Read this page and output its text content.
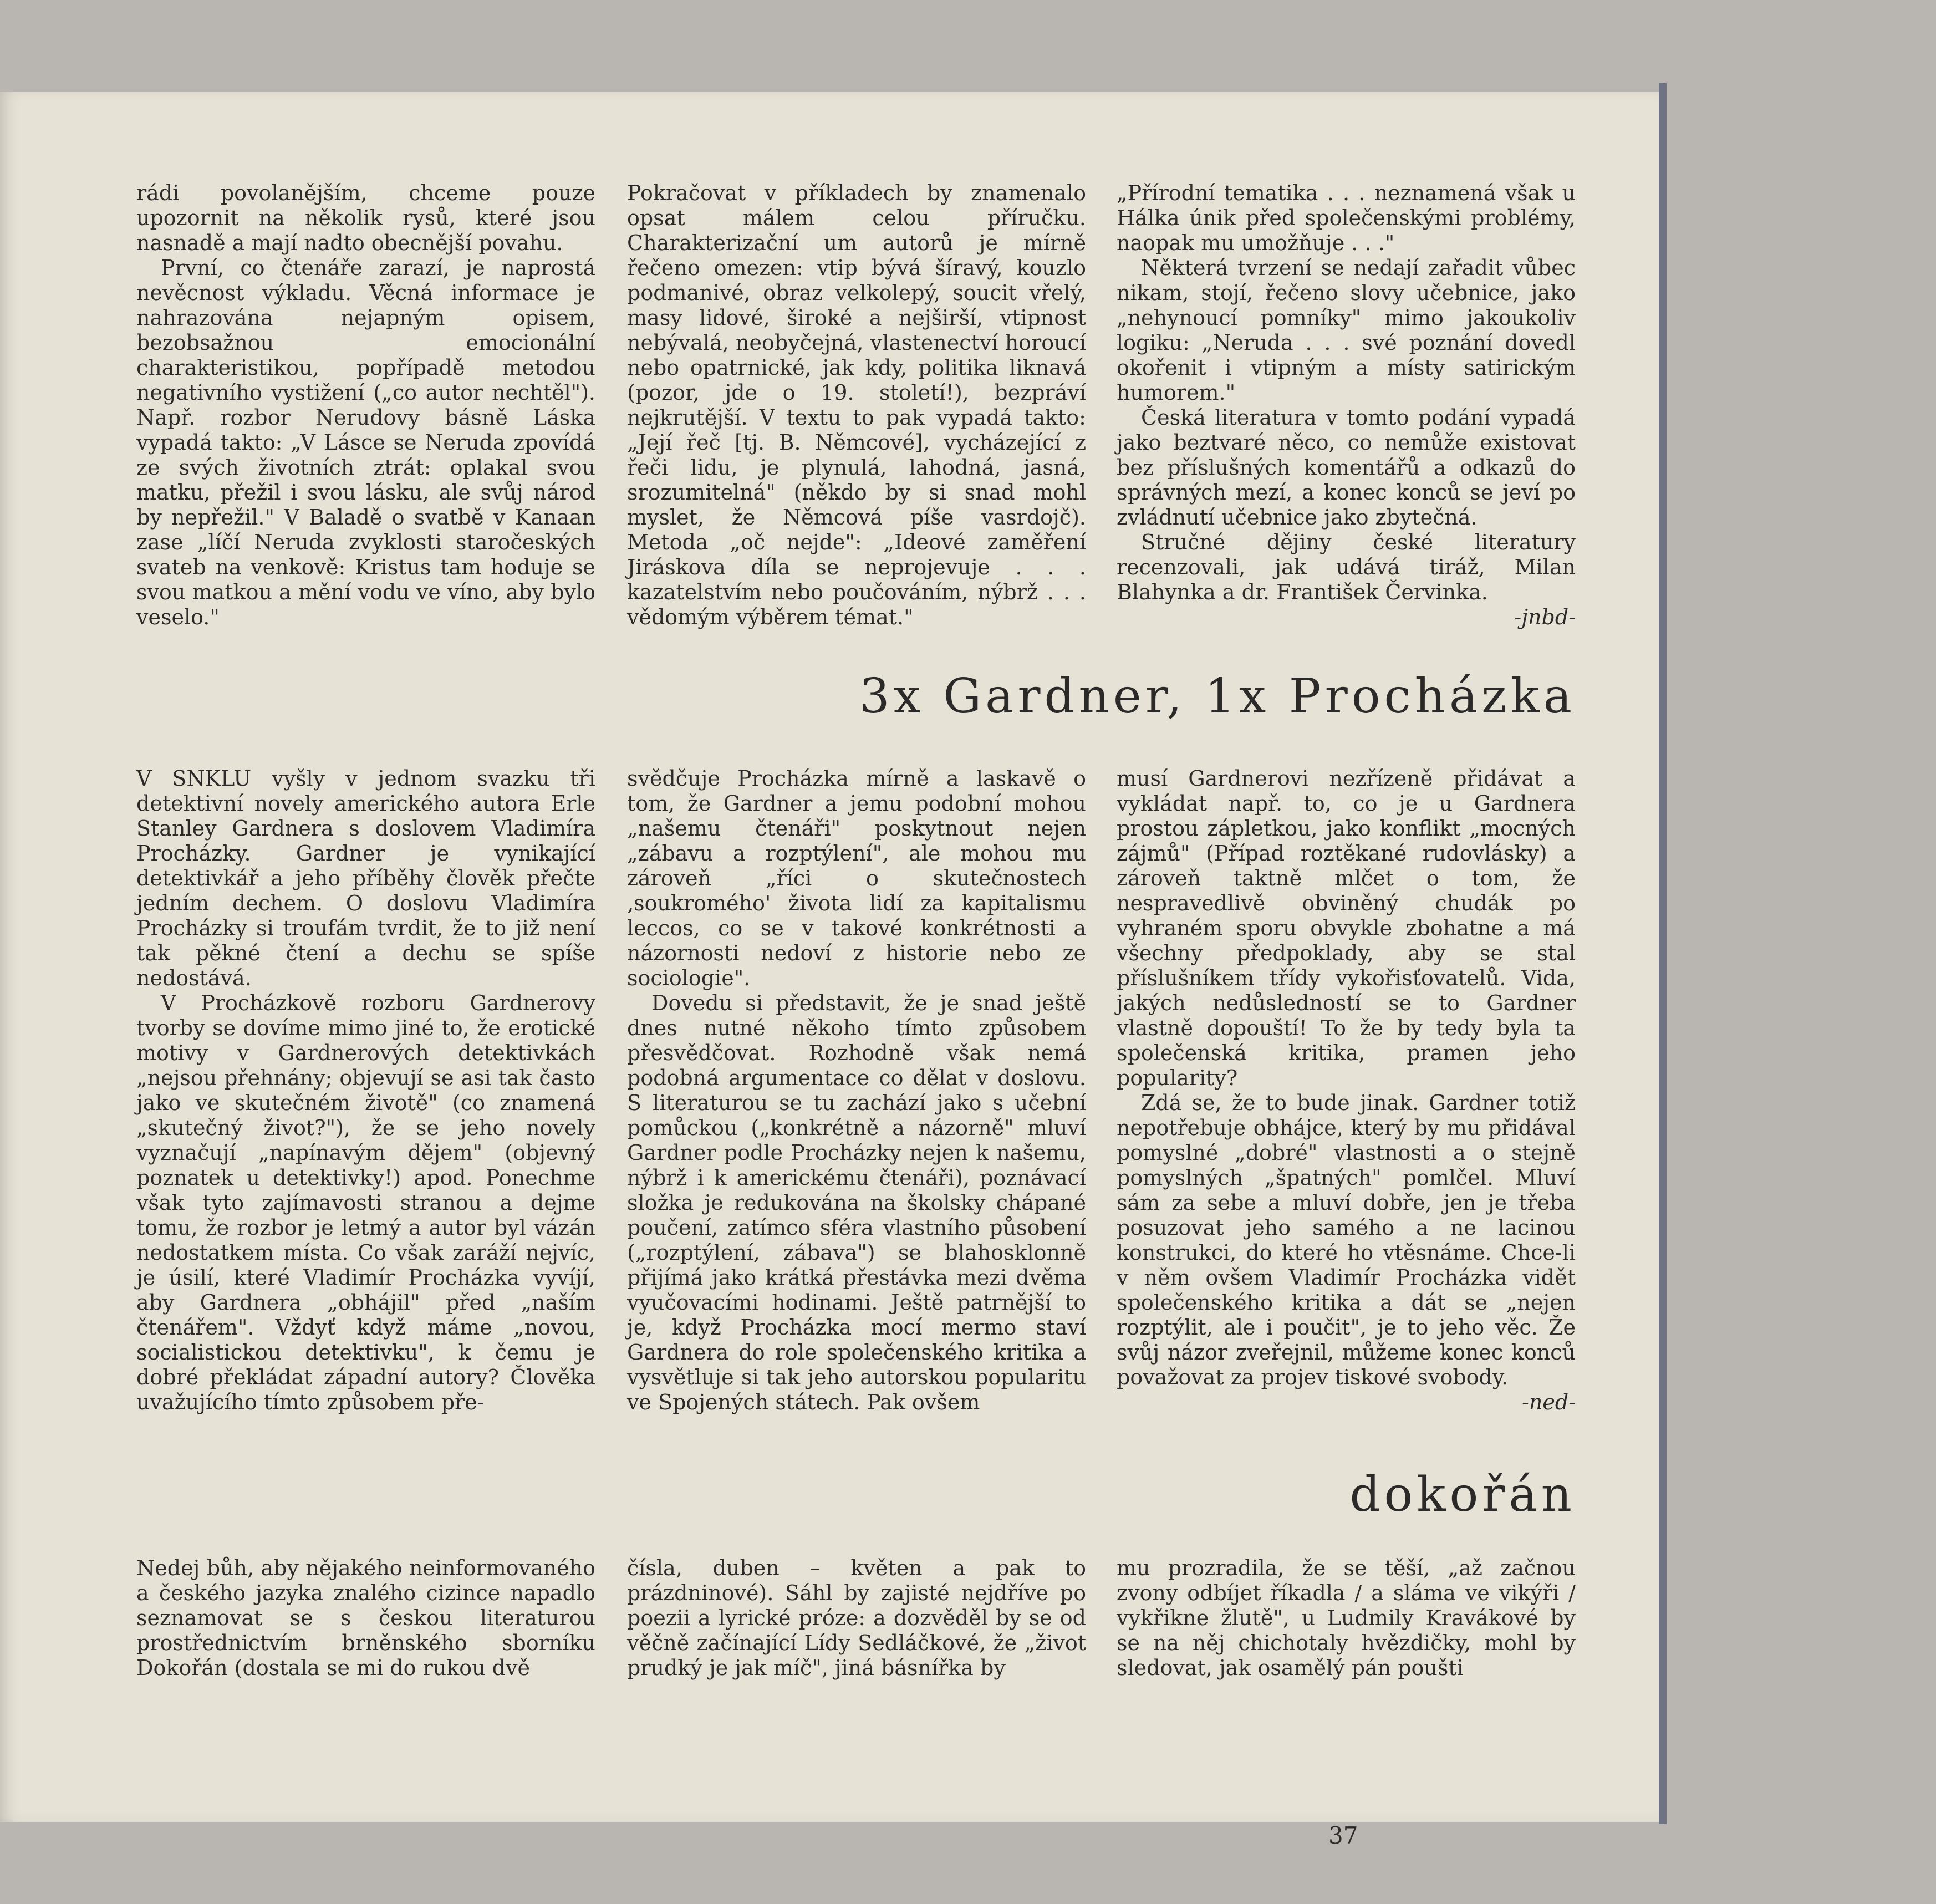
rádi povolanějším, chceme pouze upozornit na několik rysů, které jsou nasnadě a mají nadto obecnější povahu.

První, co čtenáře zarazí, je naprostá nevěcnost výkladu. Věcná informace je nahrazována nejapným opisem, bezobsažnou emocionální charakteristikou, popřípadě metodou negativního vystižení („co autor nechtěl"). Např. rozbor Nerudovy básně Láska vypadá takto: „V Lásce se Neruda zpovídá ze svých životních ztrát: oplakal svou matku, přežil i svou lásku, ale svůj národ by nepřežil." V Baladě o svatbě v Kanaan zase „líčí Neruda zvyklosti staročeských svateb na venkově: Kristus tam hoduje se svou matkou a mění vodu ve víno, aby bylo veselo."

Pokračovat v příkladech by znamenalo opsat málem celou příručku. Charakterizační um autorů je mírně řečeno omezen: vtip bývá šíravý, kouzlo podmanivé, obraz velkolepý, soucit vřelý, masy lidové, široké a nejširší, vtipnost nebývalá, neobyčejná, vlastenectví horoucí nebo opatrnické, jak kdy, politika liknavá (pozor, jde o 19. století!), bezpráví nejkrutější. V textu to pak vypadá takto: „Její řeč [tj. B. Němcové], vycházející z řeči lidu, je plynulá, lahodná, jasná, srozumitelná" (někdo by si snad mohl myslet, že Němcová píše vasrdojč). Metoda „oč nejde": „Ideové zaměření Jiráskova díla se neprojevuje . . . kazatelstvím nebo poučováním, nýbrž . . . vědomým výběrem témat."

„Přírodní tematika . . . neznamená však u Hálka únik před společenskými problémy, naopak mu umožňuje . . ."

Některá tvrzení se nedají zařadit vůbec nikam, stojí, řečeno slovy učebnice, jako „nehynoucí pomníky" mimo jakoukoliv logiku: „Neruda . . . své poznání dovedl okořenit i vtipným a místy satirickým humorem."

Česká literatura v tomto podání vypadá jako beztvaré něco, co nemůže existovat bez příslušných komentářů a odkazů do správných mezí, a konec konců se jeví po zvládnutí učebnice jako zbytečná.

Stručné dějiny české literatury recenzovali, jak udává tiráž, Milan Blahynka a dr. František Červinka.

-jnbd-
3x Gardner, 1x Procházka

V SNKLU vyšly v jednom svazku tři detektivní novely amerického autora Erle Stanley Gardnera s doslovem Vladimíra Procházky. Gardner je vynikající detektivkář a jeho příběhy člověk přečte jedním dechem. O doslovu Vladimíra Procházky si troufám tvrdit, že to již není tak pěkné čtení a dechu se spíše nedostává.

V Procházkově rozboru Gardnerovy tvorby se dovíme mimo jiné to, že erotické motivy v Gardnerových detektivkách „nejsou přehnány; objevují se asi tak často jako ve skutečném životě" (co znamená „skutečný život?"), že se jeho novely vyznačují „napínavým dějem" (objevný poznatek u detektivky!) apod. Ponechme však tyto zajímavosti stranou a dejme tomu, že rozbor je letmý a autor byl vázán nedostatkem místa. Co však zaráží nejvíc, je úsilí, které Vladimír Procházka vyvíjí, aby Gardnera „obhájil" před „naším čtenářem". Vždyť když máme „novou, socialistickou detektivku", k čemu je dobré překládat západní autory? Člověka uvažujícího tímto způsobem pře-

svědčuje Procházka mírně a laskavě o tom, že Gardner a jemu podobní mohou „našemu čtenáři" poskytnout nejen „zábavu a rozptýlení", ale mohou mu zároveň „říci o skutečnostech ‚soukromého' života lidí za kapitalismu leccos, co se v takové konkrétnosti a názornosti nedoví z historie nebo ze sociologie".

Dovedu si představit, že je snad ještě dnes nutné někoho tímto způsobem přesvědčovat. Rozhodně však nemá podobná argumentace co dělat v doslovu. S literaturou se tu zachází jako s učební pomůckou („konkrétně a názorně" mluví Gardner podle Procházky nejen k našemu, nýbrž i k americkému čtenáři), poznávací složka je redukována na školsky chápané poučení, zatímco sféra vlastního působení („rozptýlení, zábava") se blahosklonně přijímá jako krátká přestávka mezi dvěma vyučovacími hodinami. Ještě patrnější to je, když Procházka mocí mermo staví Gardnera do role společenského kritika a vysvětluje si tak jeho autorskou popularitu ve Spojených státech. Pak ovšem

musí Gardnerovi nezřízeně přidávat a vykládat např. to, co je u Gardnera prostou zápletkou, jako konflikt „mocných zájmů" (Případ roztěkané rudovlásky) a zároveň taktně mlčet o tom, že nespravedlivě obviněný chudák po vyhraném sporu obvykle zbohatne a má všechny předpoklady, aby se stal příslušníkem třídy vykořisťovatelů. Vida, jakých nedůsledností se to Gardner vlastně dopouští! To že by tedy byla ta společenská kritika, pramen jeho popularity?

Zdá se, že to bude jinak. Gardner totiž nepotřebuje obhájce, který by mu přidával pomyslné „dobré" vlastnosti a o stejně pomyslných „špatných" pomlčel. Mluví sám za sebe a mluví dobře, jen je třeba posuzovat jeho samého a ne lacinou konstrukci, do které ho vtěsnáme. Chce-li v něm ovšem Vladimír Procházka vidět společenského kritika a dát se „nejen rozptýlit, ale i poučit", je to jeho věc. Že svůj názor zveřejnil, můžeme konec konců považovat za projev tiskové svobody.

-ned-
dokořán

Nedej bůh, aby nějakého neinformovaného a českého jazyka znalého cizince napadlo seznamovat se s českou literaturou prostřednictvím brněnského sborníku Dokořán (dostala se mi do rukou dvě

čísla, duben – květen a pak to prázdninové). Sáhl by zajisté nejdříve po poezii a lyrické próze: a dozvěděl by se od věčně začínající Lídy Sedláčkové, že „život prudký je jak míč", jiná básnířka by

mu prozradila, že se těší, „až začnou zvony odbíjet říkadla / a sláma ve vikýři / vykřikne žlutě", u Ludmily Kravákové by se na něj chichotaly hvězdičky, mohl by sledovat, jak osamělý pán poušti

37
